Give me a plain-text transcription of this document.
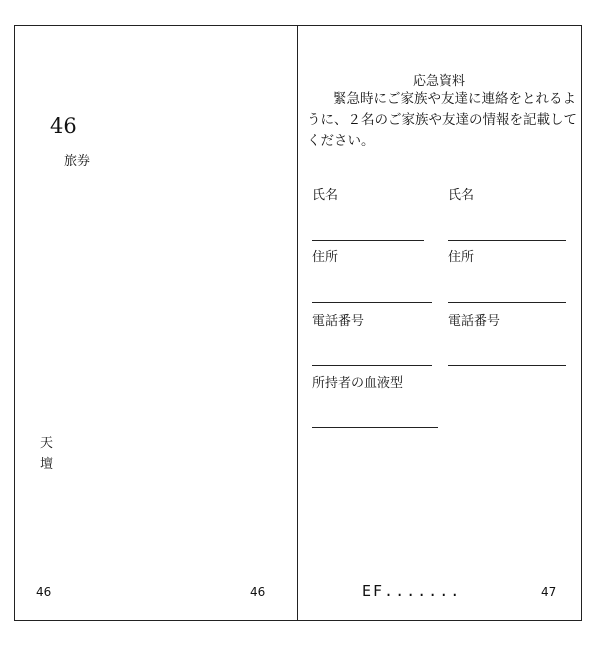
46
旅券
天
壇
46	46
応急資料
緊急時にご家族や友達に連絡をとれるように、２名のご家族や友達の情報を記載してください。
氏名
住所
電話番号
氏名
住所
電話番号
所持者の血液型
EF.......	47
